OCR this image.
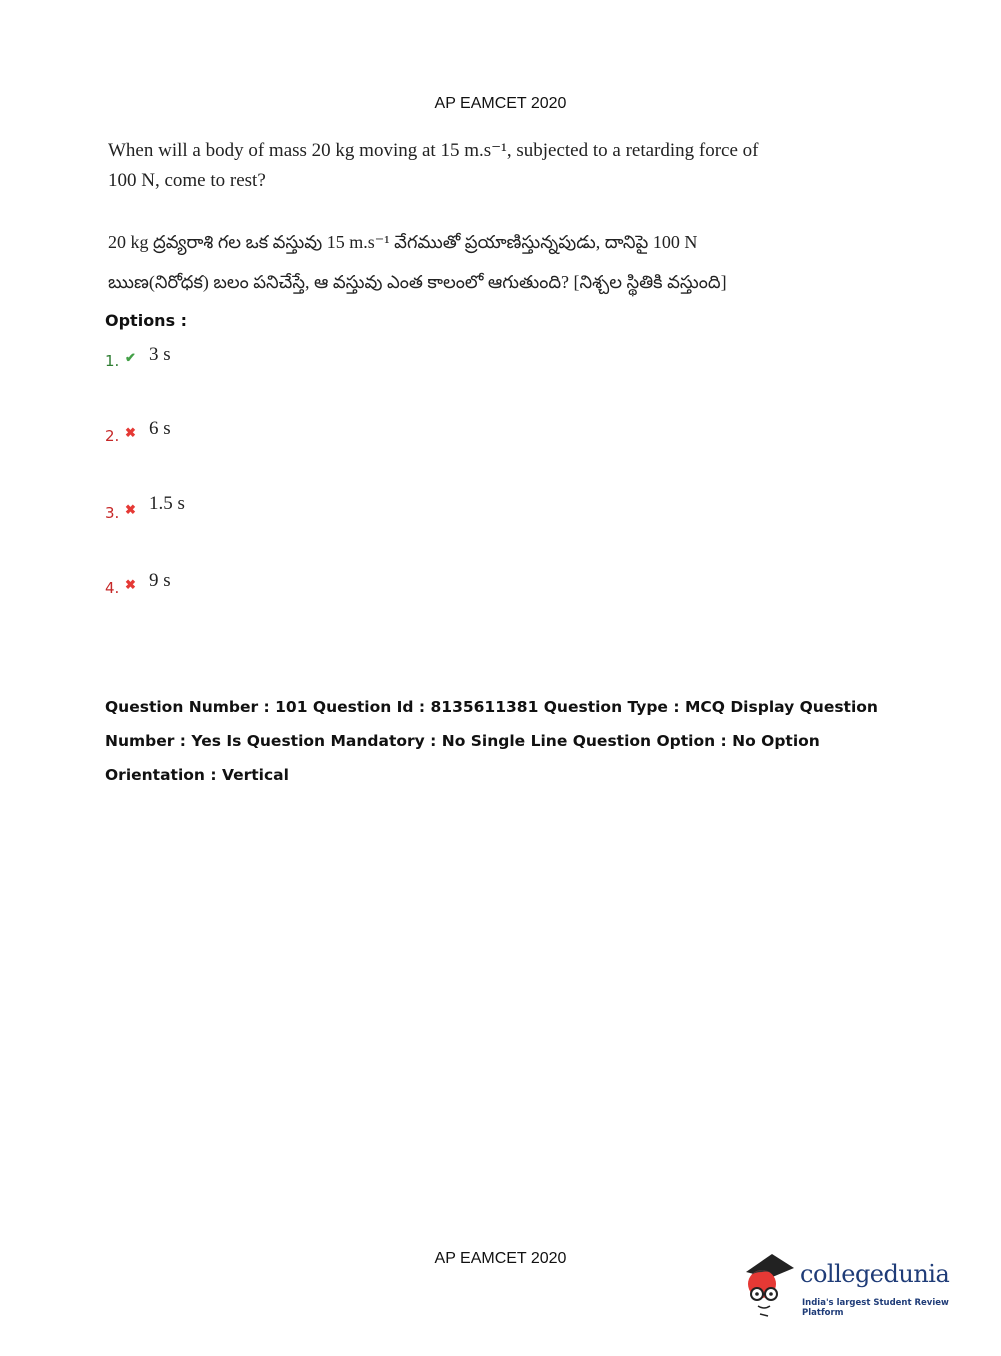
AP EAMCET 2020
When will a body of mass 20 kg moving at 15 m.s⁻¹, subjected to a retarding force of 100 N, come to rest?
20 kg ద్రవ్యరాశి గల ఒక వస్తువు 15 m.s⁻¹ వేగముతో ప్రయాణిస్తున్నపుడు, దానిపై 100 N ఋణ(నిరోధక) బలం పనిచేస్తే, ఆ వస్తువు ఎంత కాలంలో ఆగుతుంది? [నిశ్చల స్థితికి వస్తుంది]
Options :
1. ✔ 3 s
2. ✖ 6 s
3. ✖ 1.5 s
4. ✖ 9 s
Question Number : 101 Question Id : 8135611381 Question Type : MCQ Display Question Number : Yes Is Question Mandatory : No Single Line Question Option : No Option Orientation : Vertical
AP EAMCET 2020
collegedunia
India's largest Student Review Platform
